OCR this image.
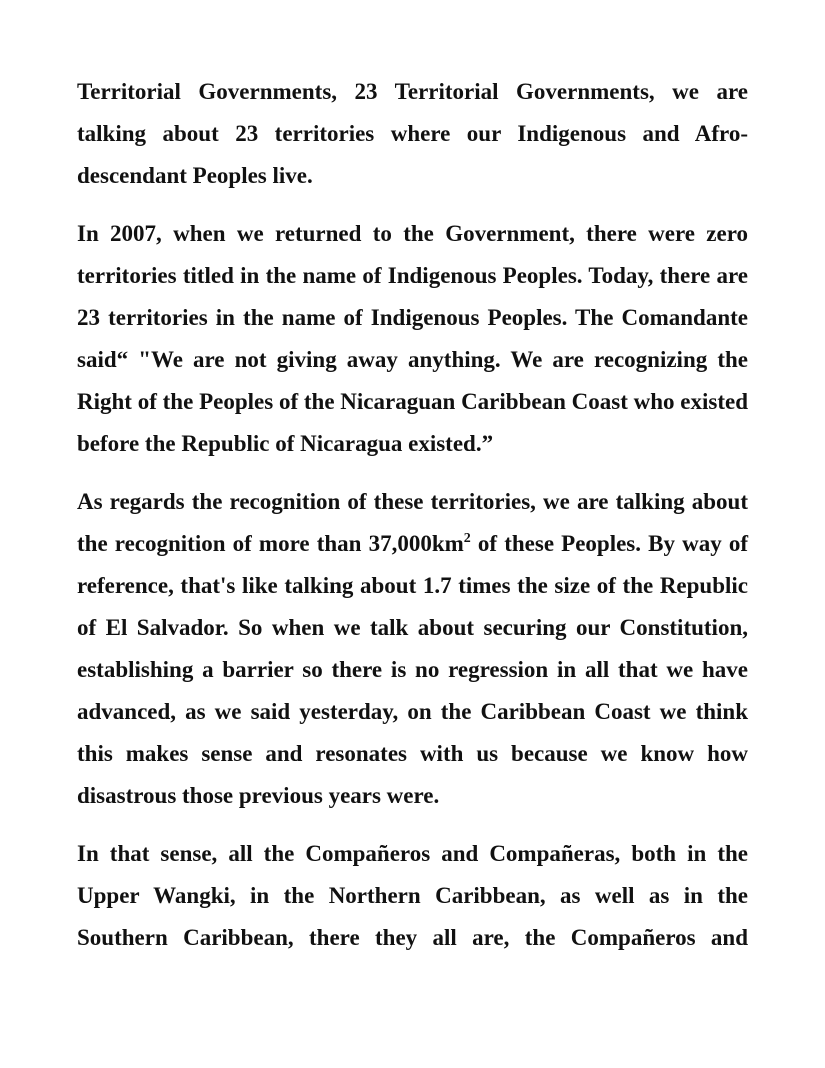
Territorial Governments, 23 Territorial Governments, we are talking about 23 territories where our Indigenous and Afro-descendant Peoples live.

In 2007, when we returned to the Government, there were zero territories titled in the name of Indigenous Peoples. Today, there are 23 territories in the name of Indigenous Peoples. The Comandante said“ "We are not giving away anything. We are recognizing the Right of the Peoples of the Nicaraguan Caribbean Coast who existed before the Republic of Nicaragua existed.”

As regards the recognition of these territories, we are talking about the recognition of more than $37,000km^2$ of these Peoples. By way of reference, that's like talking about 1.7 times the size of the Republic of El Salvador. So when we talk about securing our Constitution, establishing a barrier so there is no regression in all that we have advanced, as we said yesterday, on the Caribbean Coast we think this makes sense and resonates with us because we know how disastrous those previous years were.

In that sense, all the Compañeros and Compañeras, both in the Upper Wangki, in the Northern Caribbean, as well as in the Southern Caribbean, there they all are, the Compañeros and
